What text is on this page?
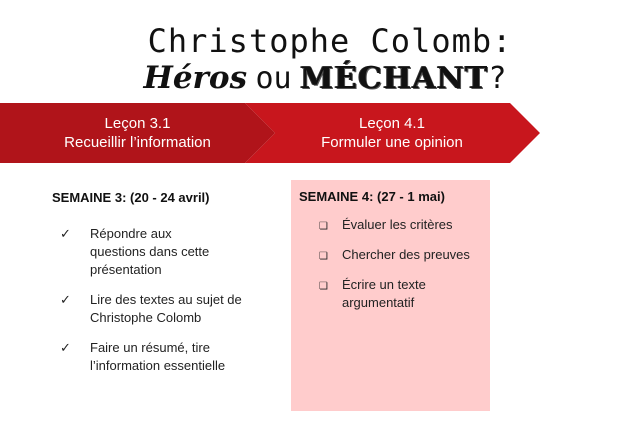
Christophe Colomb:
Héros ou MÉCHANT?
Leçon 3.1
Recueillir l’information
Leçon 4.1
Formuler une opinion
SEMAINE 3: (20 - 24 avril)
✓ Répondre aux questions dans cette présentation
✓ Lire des textes au sujet de Christophe Colomb
✓ Faire un résumé, tire l’information essentielle
SEMAINE 4: (27 - 1 mai)
❏ Évaluer les critères
❏ Chercher des preuves
❏ Écrire un texte argumentatif
